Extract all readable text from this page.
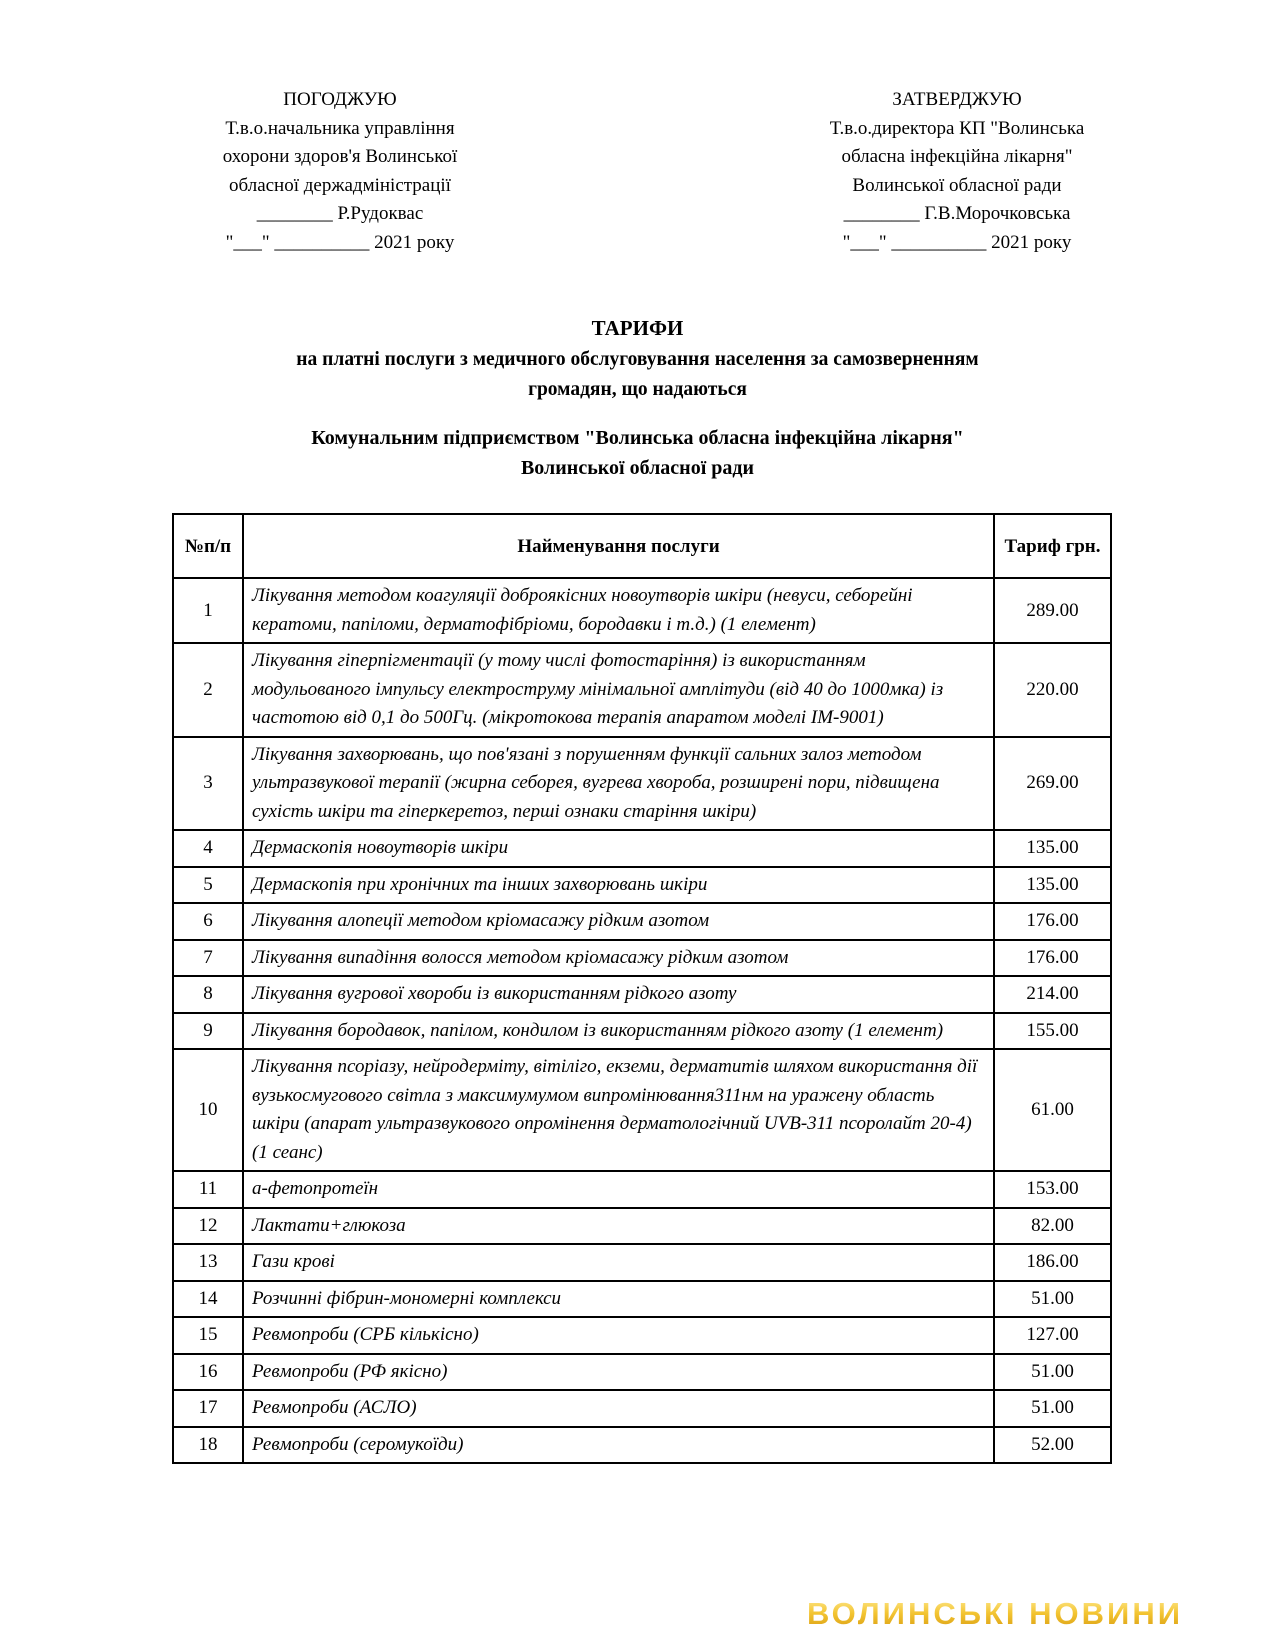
ПОГОДЖУЮ
Т.в.о.начальника управління
охорони здоров'я Волинської
обласної держадміністрації
________ Р.Рудоквас
"___" __________ 2021 року
ЗАТВЕРДЖУЮ
Т.в.о.директора КП "Волинська
обласна інфекційна лікарня"
Волинської обласної ради
________ Г.В.Морочковська
"___" __________ 2021 року
ТАРИФИ
на платні послуги з медичного обслуговування населення за самозверненням
громадян, що надаються
Комунальним підприємством "Волинська обласна інфекційна лікарня"
Волинської обласної ради
№п/п	Найменування послуги	Тариф грн.
1	Лікування методом коагуляції доброякісних новоутворів шкіри (невуси, себорейні кератоми, папіломи, дерматофібріоми, бородавки і т.д.) (1 елемент)	289.00
2	Лікування гіперпігментації (у тому числі фотостаріння) із використанням модульованого імпульсу електроструму мінімальної амплітуди (від 40 до 1000мка) із частотою від 0,1 до 500Гц. (мікротокова терапія апаратом моделі ІМ-9001)	220.00
3	Лікування захворювань, що пов'язані з порушенням функції сальних залоз методом ультразвукової терапії (жирна себорея, вугрева хвороба, розширені пори, підвищена сухість шкіри та гіперкеретоз, перші ознаки старіння шкіри)	269.00
4	Дермаскопія новоутворів шкіри	135.00
5	Дермаскопія при хронічних та інших захворювань шкіри	135.00
6	Лікування алопеції методом кріомасажу рідким азотом	176.00
7	Лікування випадіння волосся методом кріомасажу рідким азотом	176.00
8	Лікування вугрової хвороби із використанням рідкого азоту	214.00
9	Лікування бородавок, папілом, кондилом із використанням рідкого азоту (1 елемент)	155.00
10	Лікування псоріазу, нейродерміту, вітіліго, екземи, дерматитів шляхом використання дії вузькосмугового світла з максимумумом випромінювання311нм на уражену область шкіри (апарат ультразвукового опромінення дерматологічний UVB-311 псоролайт 20-4) (1 сеанс)	61.00
11	а-фетопротеїн	153.00
12	Лактати+глюкоза	82.00
13	Гази крові	186.00
14	Розчинні фібрин-мономерні комплекси	51.00
15	Ревмопроби (СРБ кількісно)	127.00
16	Ревмопроби (РФ якісно)	51.00
17	Ревмопроби (АСЛО)	51.00
18	Ревмопроби (серомукоїди)	52.00
ВОЛИНСЬКІ НОВИНИ
